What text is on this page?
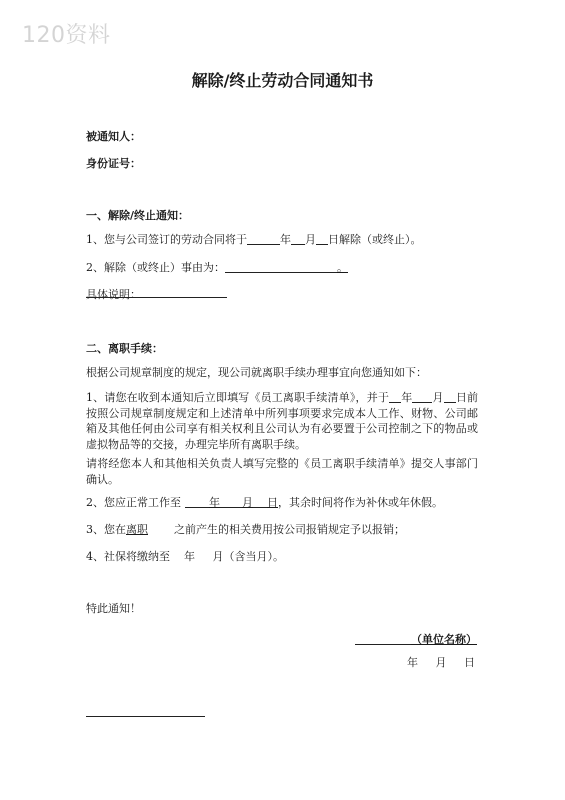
120资料
解除/终止劳动合同通知书
被通知人：
身份证号：
一、解除/终止通知：
1、您与公司签订的劳动合同将于	年 月 日解除（或终止）。
2、解除（或终止）事由为：	。
具体说明：
二、离职手续：
根据公司规章制度的规定，现公司就离职手续办理事宜向您通知如下：
1、请您在收到本通知后立即填写《员工离职手续清单》，并于 年 月 日前按照公司规章制度规定和上述清单中所列事项要求完成本人工作、财物、公司邮箱及其他任何由公司享有相关权利且公司认为有必要置于公司控制之下的物品或虚拟物品等的交接，办理完毕所有离职手续。
请将经您本人和其他相关负责人填写完整的《员工离职手续清单》提交人事部门确认。
2、您应正常工作至	年 月 日，其余时间将作为补休或年休假。
3、您在离职 之前产生的相关费用按公司报销规定予以报销；
4、社保将缴纳至    年     月（含当月）。
特此通知！
（单位名称）
年     月     日
